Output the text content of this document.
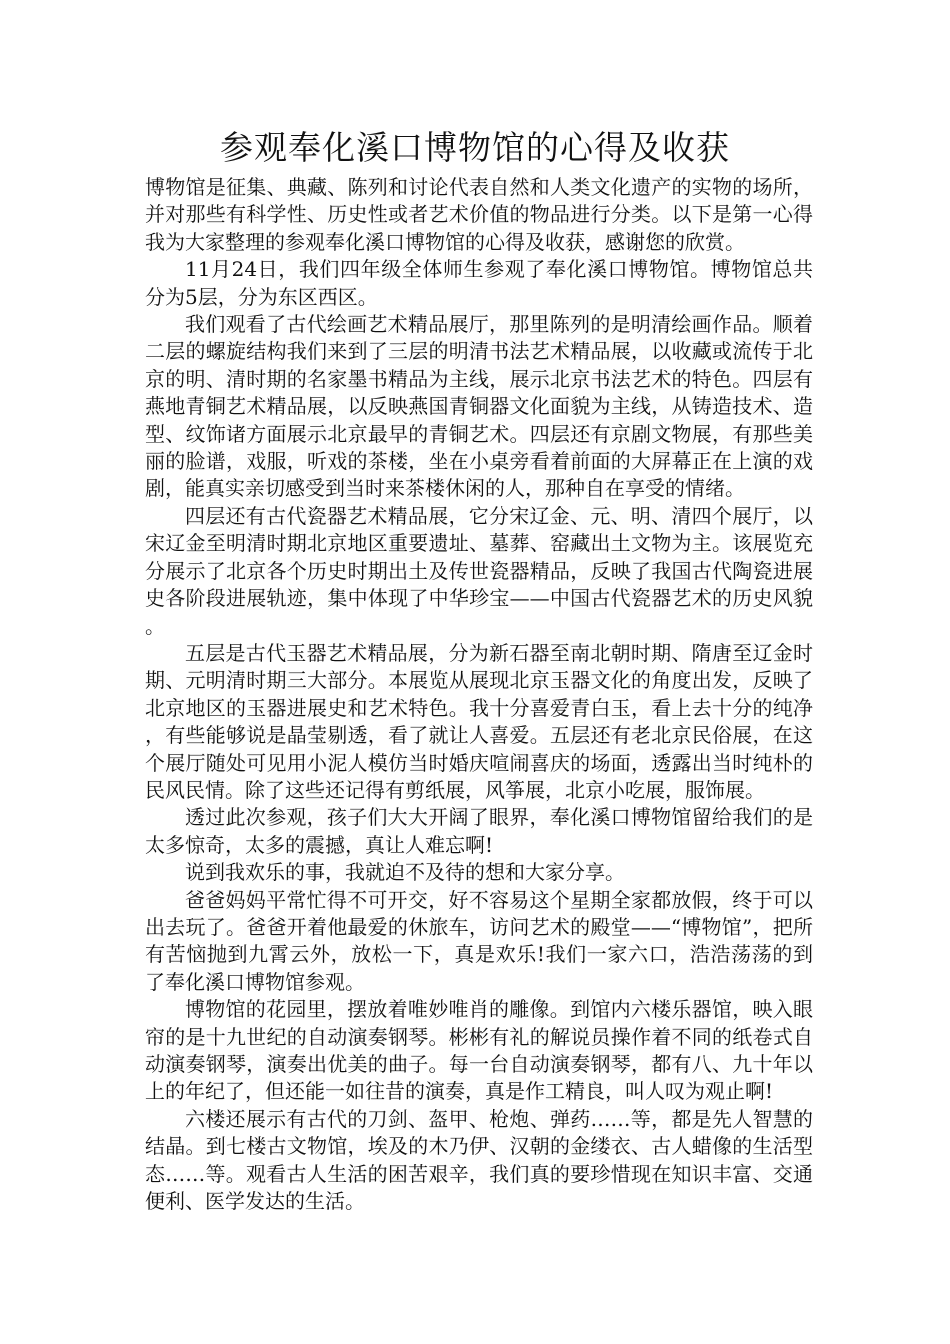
参观奉化溪口博物馆的心得及收获

博物馆是征集、典藏、陈列和讨论代表自然和人类文化遗产的实物的场所，并对那些有科学性、历史性或者艺术价值的物品进行分类。以下是第一心得我为大家整理的参观奉化溪口博物馆的心得及收获，感谢您的欣赏。

11月24日，我们四年级全体师生参观了奉化溪口博物馆。博物馆总共分为5层，分为东区西区。

我们观看了古代绘画艺术精品展厅，那里陈列的是明清绘画作品。顺着二层的螺旋结构我们来到了三层的明清书法艺术精品展，以收藏或流传于北京的明、清时期的名家墨书精品为主线，展示北京书法艺术的特色。四层有燕地青铜艺术精品展，以反映燕国青铜器文化面貌为主线，从铸造技术、造型、纹饰诸方面展示北京最早的青铜艺术。四层还有京剧文物展，有那些美丽的脸谱，戏服，听戏的茶楼，坐在小桌旁看着前面的大屏幕正在上演的戏剧，能真实亲切感受到当时来茶楼休闲的人，那种自在享受的情绪。

四层还有古代瓷器艺术精品展，它分宋辽金、元、明、清四个展厅，以宋辽金至明清时期北京地区重要遗址、墓葬、窑藏出土文物为主。该展览充分展示了北京各个历史时期出土及传世瓷器精品，反映了我国古代陶瓷进展史各阶段进展轨迹，集中体现了中华珍宝——中国古代瓷器艺术的历史风貌。

五层是古代玉器艺术精品展，分为新石器至南北朝时期、隋唐至辽金时期、元明清时期三大部分。本展览从展现北京玉器文化的角度出发，反映了北京地区的玉器进展史和艺术特色。我十分喜爱青白玉，看上去十分的纯净，有些能够说是晶莹剔透，看了就让人喜爱。五层还有老北京民俗展，在这个展厅随处可见用小泥人模仿当时婚庆喧闹喜庆的场面，透露出当时纯朴的民风民情。除了这些还记得有剪纸展，风筝展，北京小吃展，服饰展。

透过此次参观，孩子们大大开阔了眼界，奉化溪口博物馆留给我们的是太多惊奇，太多的震撼，真让人难忘啊!

说到我欢乐的事，我就迫不及待的想和大家分享。

爸爸妈妈平常忙得不可开交，好不容易这个星期全家都放假，终于可以出去玩了。爸爸开着他最爱的休旅车，访问艺术的殿堂——“博物馆”，把所有苦恼抛到九霄云外，放松一下，真是欢乐!我们一家六口，浩浩荡荡的到了奉化溪口博物馆参观。

博物馆的花园里，摆放着唯妙唯肖的雕像。到馆内六楼乐器馆，映入眼帘的是十九世纪的自动演奏钢琴。彬彬有礼的解说员操作着不同的纸卷式自动演奏钢琴，演奏出优美的曲子。每一台自动演奏钢琴，都有八、九十年以上的年纪了，但还能一如往昔的演奏，真是作工精良，叫人叹为观止啊!

六楼还展示有古代的刀剑、盔甲、枪炮、弹药……等，都是先人智慧的结晶。到七楼古文物馆，埃及的木乃伊、汉朝的金缕衣、古人蜡像的生活型态……等。观看古人生活的困苦艰辛，我们真的要珍惜现在知识丰富、交通便利、医学发达的生活。
